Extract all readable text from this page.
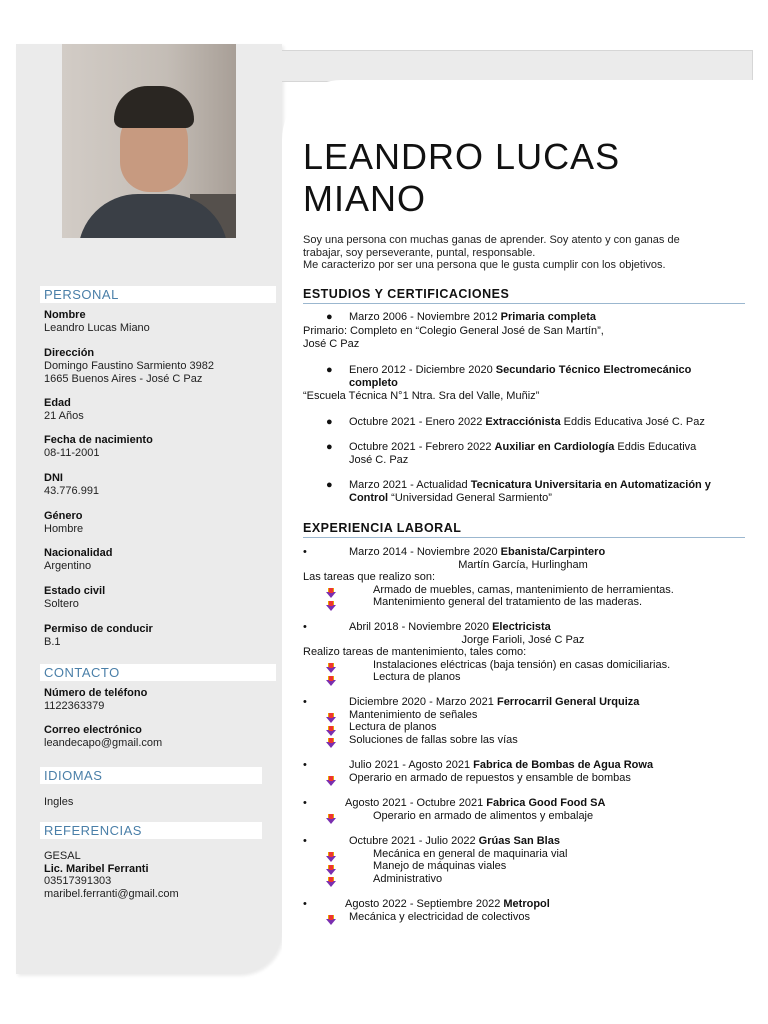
PERSONAL
Nombre
Leandro Lucas Miano
Dirección
Domingo Faustino Sarmiento 3982
1665 Buenos Aires - José C Paz
Edad
21 Años
Fecha de nacimiento
08-11-2001
DNI
43.776.991
Género
Hombre
Nacionalidad
Argentino
Estado civil
Soltero
Permiso de conducir
B.1
CONTACTO
Número de teléfono
1122363379
Correo electrónico
leandecapo@gmail.com
IDIOMAS
Ingles
REFERENCIAS
GESAL
Lic. Maribel Ferranti
03517391303
maribel.ferranti@gmail.com
LEANDRO LUCAS
MIANO
Soy una persona con muchas ganas de aprender. Soy atento y con ganas de
trabajar, soy perseverante, puntal, responsable.
Me caracterizo por ser una persona que le gusta cumplir con los objetivos.
ESTUDIOS Y CERTIFICACIONES
● Marzo 2006 - Noviembre 2012 Primaria completa
Primario: Completo en “Colegio General José de San Martín”,
José C Paz
● Enero 2012 - Diciembre 2020 Secundario Técnico Electromecánico
completo
“Escuela Técnica N°1 Ntra. Sra del Valle, Muñiz”
● Octubre 2021 - Enero 2022 Extracciónista Eddis Educativa José C. Paz
● Octubre 2021 - Febrero 2022 Auxiliar en Cardiología Eddis Educativa
José C. Paz
● Marzo 2021 - Actualidad Tecnicatura Universitaria en Automatización y
Control “Universidad General Sarmiento”
EXPERIENCIA LABORAL
•	Marzo 2014 - Noviembre 2020 Ebanista/Carpintero
Martín García, Hurlingham
Las tareas que realizo son:
Armado de muebles, camas, mantenimiento de herramientas.
Mantenimiento general del tratamiento de las maderas.
•	Abril 2018 - Noviembre 2020 Electricista
Jorge Farioli, José C Paz
Realizo tareas de mantenimiento, tales como:
Instalaciones eléctricas (baja tensión) en casas domiciliarias.
Lectura de planos
•	Diciembre 2020 - Marzo 2021 Ferrocarril General Urquiza
Mantenimiento de señales
Lectura de planos
Soluciones de fallas sobre las vías
•	Julio 2021 - Agosto 2021 Fabrica de Bombas de Agua Rowa
Operario en armado de repuestos y ensamble de bombas
•	Agosto 2021 - Octubre 2021 Fabrica Good Food SA
Operario en armado de alimentos y embalaje
•	Octubre 2021 - Julio 2022 Grúas San Blas
Mecánica en general de maquinaria vial
Manejo de máquinas viales
Administrativo
•	Agosto 2022 - Septiembre 2022 Metropol
Mecánica y electricidad de colectivos
